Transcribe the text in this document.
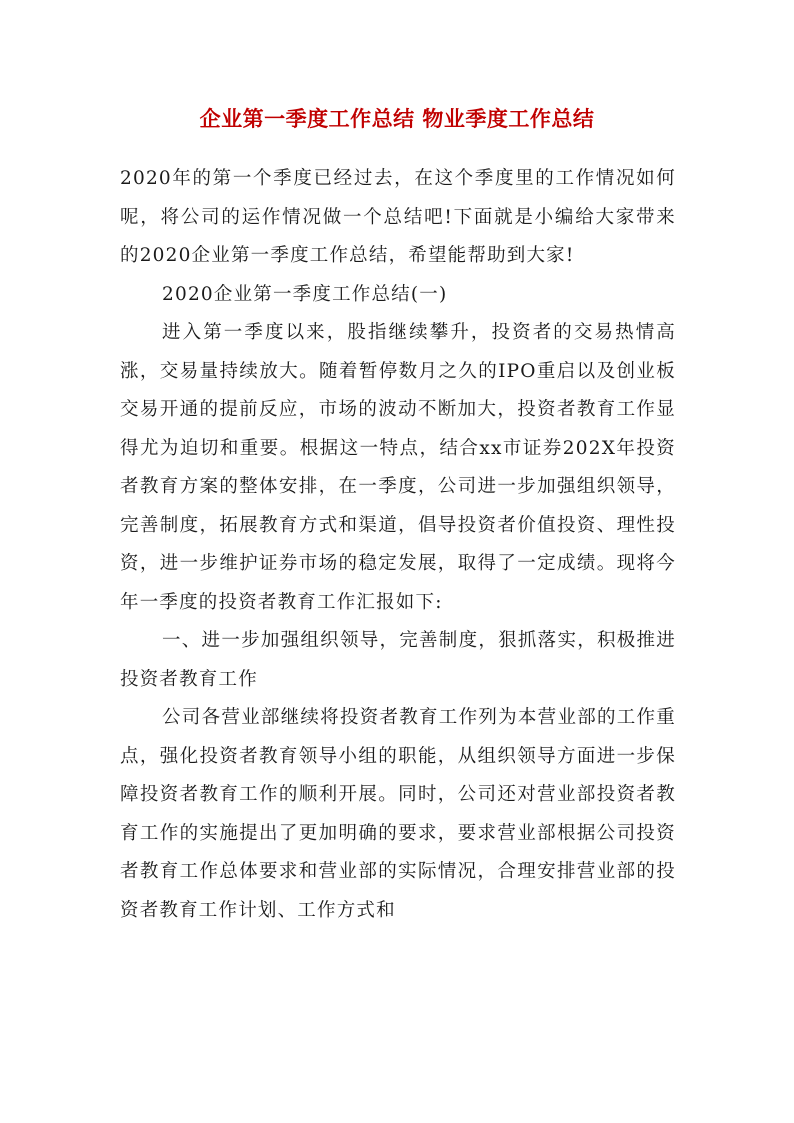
企业第一季度工作总结 物业季度工作总结

2020年的第一个季度已经过去，在这个季度里的工作情况如何呢，将公司的运作情况做一个总结吧!下面就是小编给大家带来的2020企业第一季度工作总结，希望能帮助到大家!

2020企业第一季度工作总结(一)

进入第一季度以来，股指继续攀升，投资者的交易热情高涨，交易量持续放大。随着暂停数月之久的IPO重启以及创业板交易开通的提前反应，市场的波动不断加大，投资者教育工作显得尤为迫切和重要。根据这一特点，结合xx市证券202X年投资者教育方案的整体安排，在一季度，公司进一步加强组织领导，完善制度，拓展教育方式和渠道，倡导投资者价值投资、理性投资，进一步维护证券市场的稳定发展，取得了一定成绩。现将今年一季度的投资者教育工作汇报如下:

一、进一步加强组织领导，完善制度，狠抓落实，积极推进投资者教育工作

公司各营业部继续将投资者教育工作列为本营业部的工作重点，强化投资者教育领导小组的职能，从组织领导方面进一步保障投资者教育工作的顺利开展。同时，公司还对营业部投资者教育工作的实施提出了更加明确的要求，要求营业部根据公司投资者教育工作总体要求和营业部的实际情况，合理安排营业部的投资者教育工作计划、工作方式和
